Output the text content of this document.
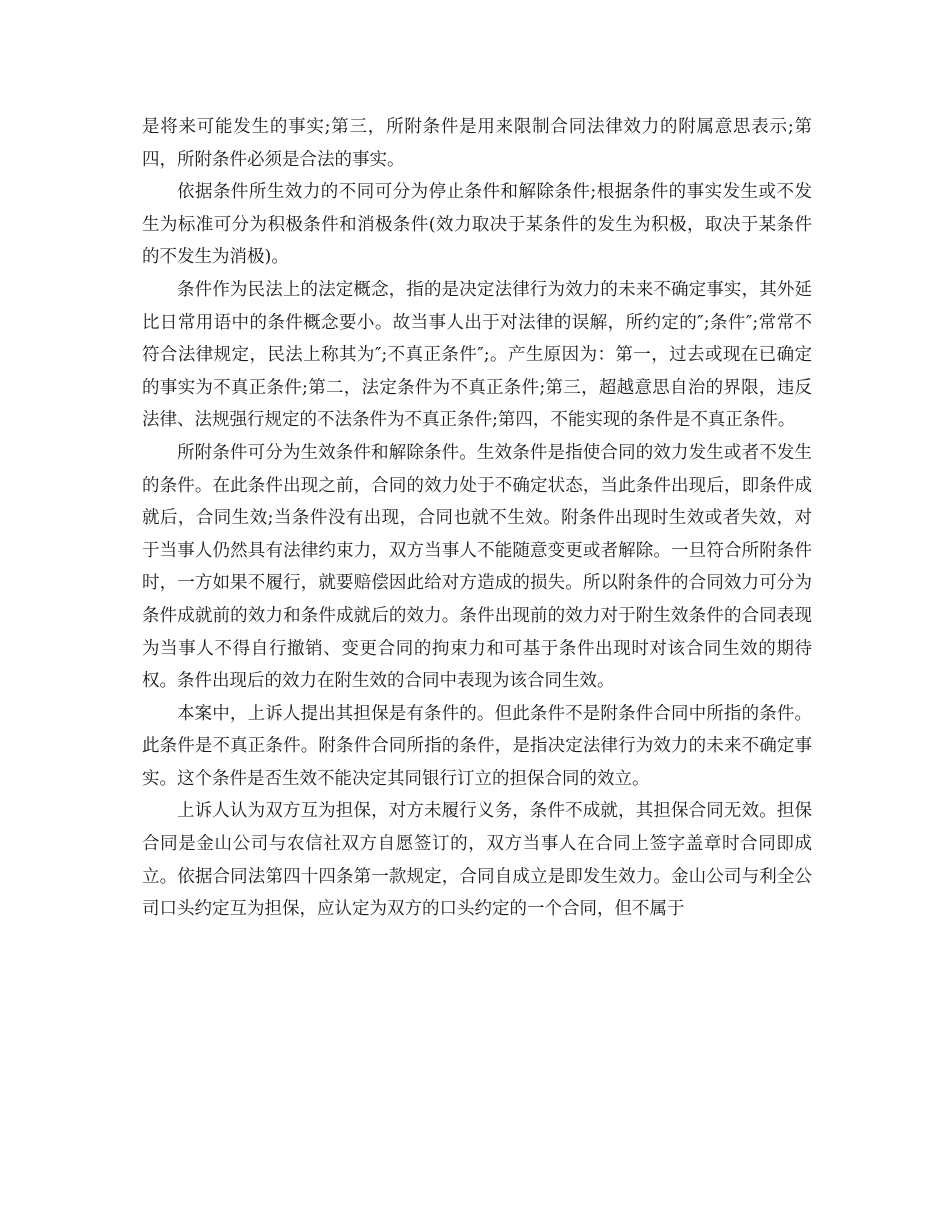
是将来可能发生的事实;第三，所附条件是用来限制合同法律效力的附属意思表示;第四，所附条件必须是合法的事实。

依据条件所生效力的不同可分为停止条件和解除条件;根据条件的事实发生或不发生为标准可分为积极条件和消极条件(效力取决于某条件的发生为积极，取决于某条件的不发生为消极)。

条件作为民法上的法定概念，指的是决定法律行为效力的未来不确定事实，其外延比日常用语中的条件概念要小。故当事人出于对法律的误解，所约定的″;条件″;常常不符合法律规定，民法上称其为″;不真正条件″;。产生原因为：第一，过去或现在已确定的事实为不真正条件;第二，法定条件为不真正条件;第三，超越意思自治的界限，违反法律、法规强行规定的不法条件为不真正条件;第四，不能实现的条件是不真正条件。

所附条件可分为生效条件和解除条件。生效条件是指使合同的效力发生或者不发生的条件。在此条件出现之前，合同的效力处于不确定状态，当此条件出现后，即条件成就后，合同生效;当条件没有出现，合同也就不生效。附条件出现时生效或者失效，对于当事人仍然具有法律约束力，双方当事人不能随意变更或者解除。一旦符合所附条件时，一方如果不履行，就要赔偿因此给对方造成的损失。所以附条件的合同效力可分为条件成就前的效力和条件成就后的效力。条件出现前的效力对于附生效条件的合同表现为当事人不得自行撤销、变更合同的拘束力和可基于条件出现时对该合同生效的期待权。条件出现后的效力在附生效的合同中表现为该合同生效。

本案中，上诉人提出其担保是有条件的。但此条件不是附条件合同中所指的条件。此条件是不真正条件。附条件合同所指的条件，是指决定法律行为效力的未来不确定事实。这个条件是否生效不能决定其同银行订立的担保合同的效立。

上诉人认为双方互为担保，对方未履行义务，条件不成就，其担保合同无效。担保合同是金山公司与农信社双方自愿签订的，双方当事人在合同上签字盖章时合同即成立。依据合同法第四十四条第一款规定，合同自成立是即发生效力。金山公司与利全公司口头约定互为担保，应认定为双方的口头约定的一个合同，但不属于
